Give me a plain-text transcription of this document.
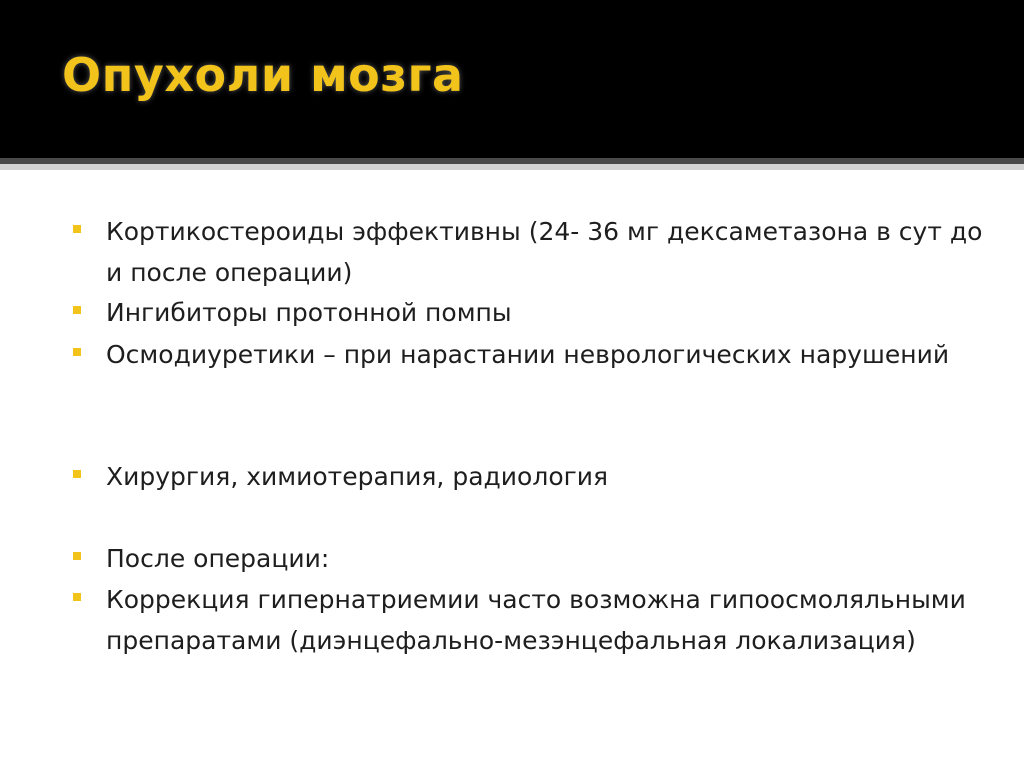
Опухоли мозга
Кортикостероиды эффективны (24- 36 мг дексаметазона в сут до и после операции)
Ингибиторы протонной помпы
Осмодиуретики – при нарастании неврологических нарушений
Хирургия, химиотерапия, радиология
После операции:
Коррекция гипернатриемии часто возможна гипоосмоляльными препаратами (диэнцефально-мезэнцефальная локализация)
